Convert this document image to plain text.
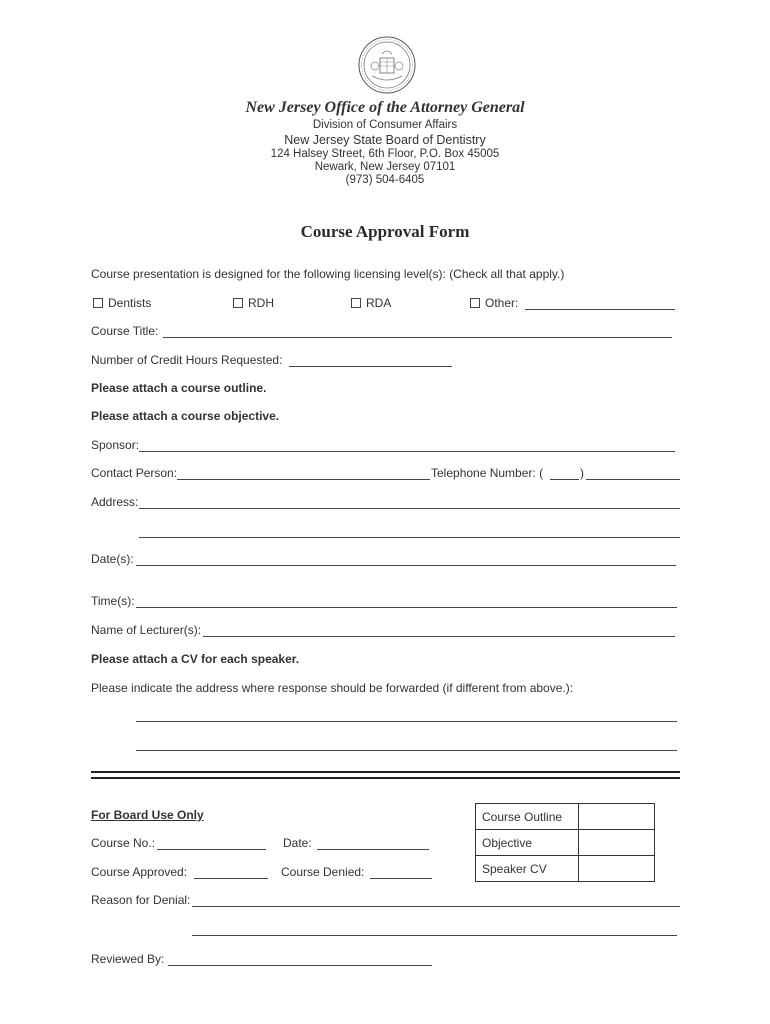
New Jersey Office of the Attorney General
Division of Consumer Affairs
New Jersey State Board of Dentistry
124 Halsey Street, 6th Floor, P.O. Box 45005
Newark, New Jersey 07101
(973) 504-6405
Course Approval Form
Course presentation is designed for the following licensing level(s): (Check all that apply.)
Dentists	RDH	RDA	Other:
Course Title:
Number of Credit Hours Requested:
Please attach a course outline.
Please attach a course objective.
Sponsor:
Contact Person:	Telephone Number: (	)
Address:
Date(s):
Time(s):
Name of Lecturer(s):
Please attach a CV for each speaker.
Please indicate the address where response should be forwarded (if different from above.):
For Board Use Only
Course No.:	Date:
Course Approved:	Course Denied:
Course Outline	
Objective	
Speaker CV	
Reason for Denial:
Reviewed By:
